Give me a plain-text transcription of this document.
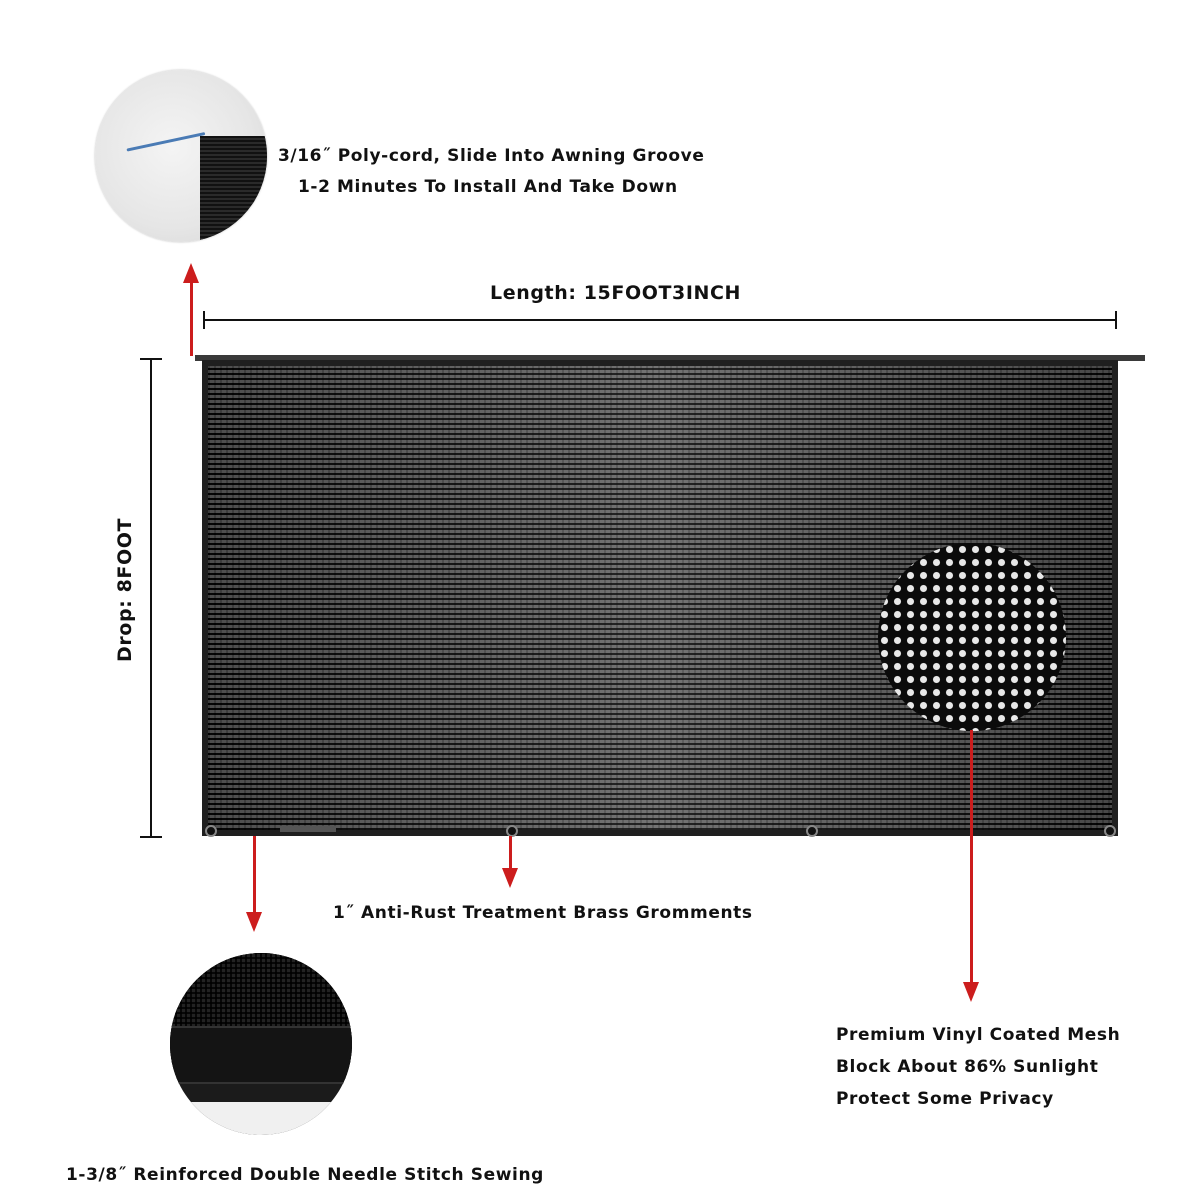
3/16˝ Poly-cord, Slide Into Awning Groove
1-2 Minutes To Install And Take Down
Length: 15FOOT3INCH
Drop: 8FOOT
Premium Vinyl Coated Mesh
Block About 86% Sunlight
Protect Some Privacy
1˝ Anti-Rust Treatment Brass Gromments
1-3/8˝ Reinforced Double Needle Stitch Sewing
